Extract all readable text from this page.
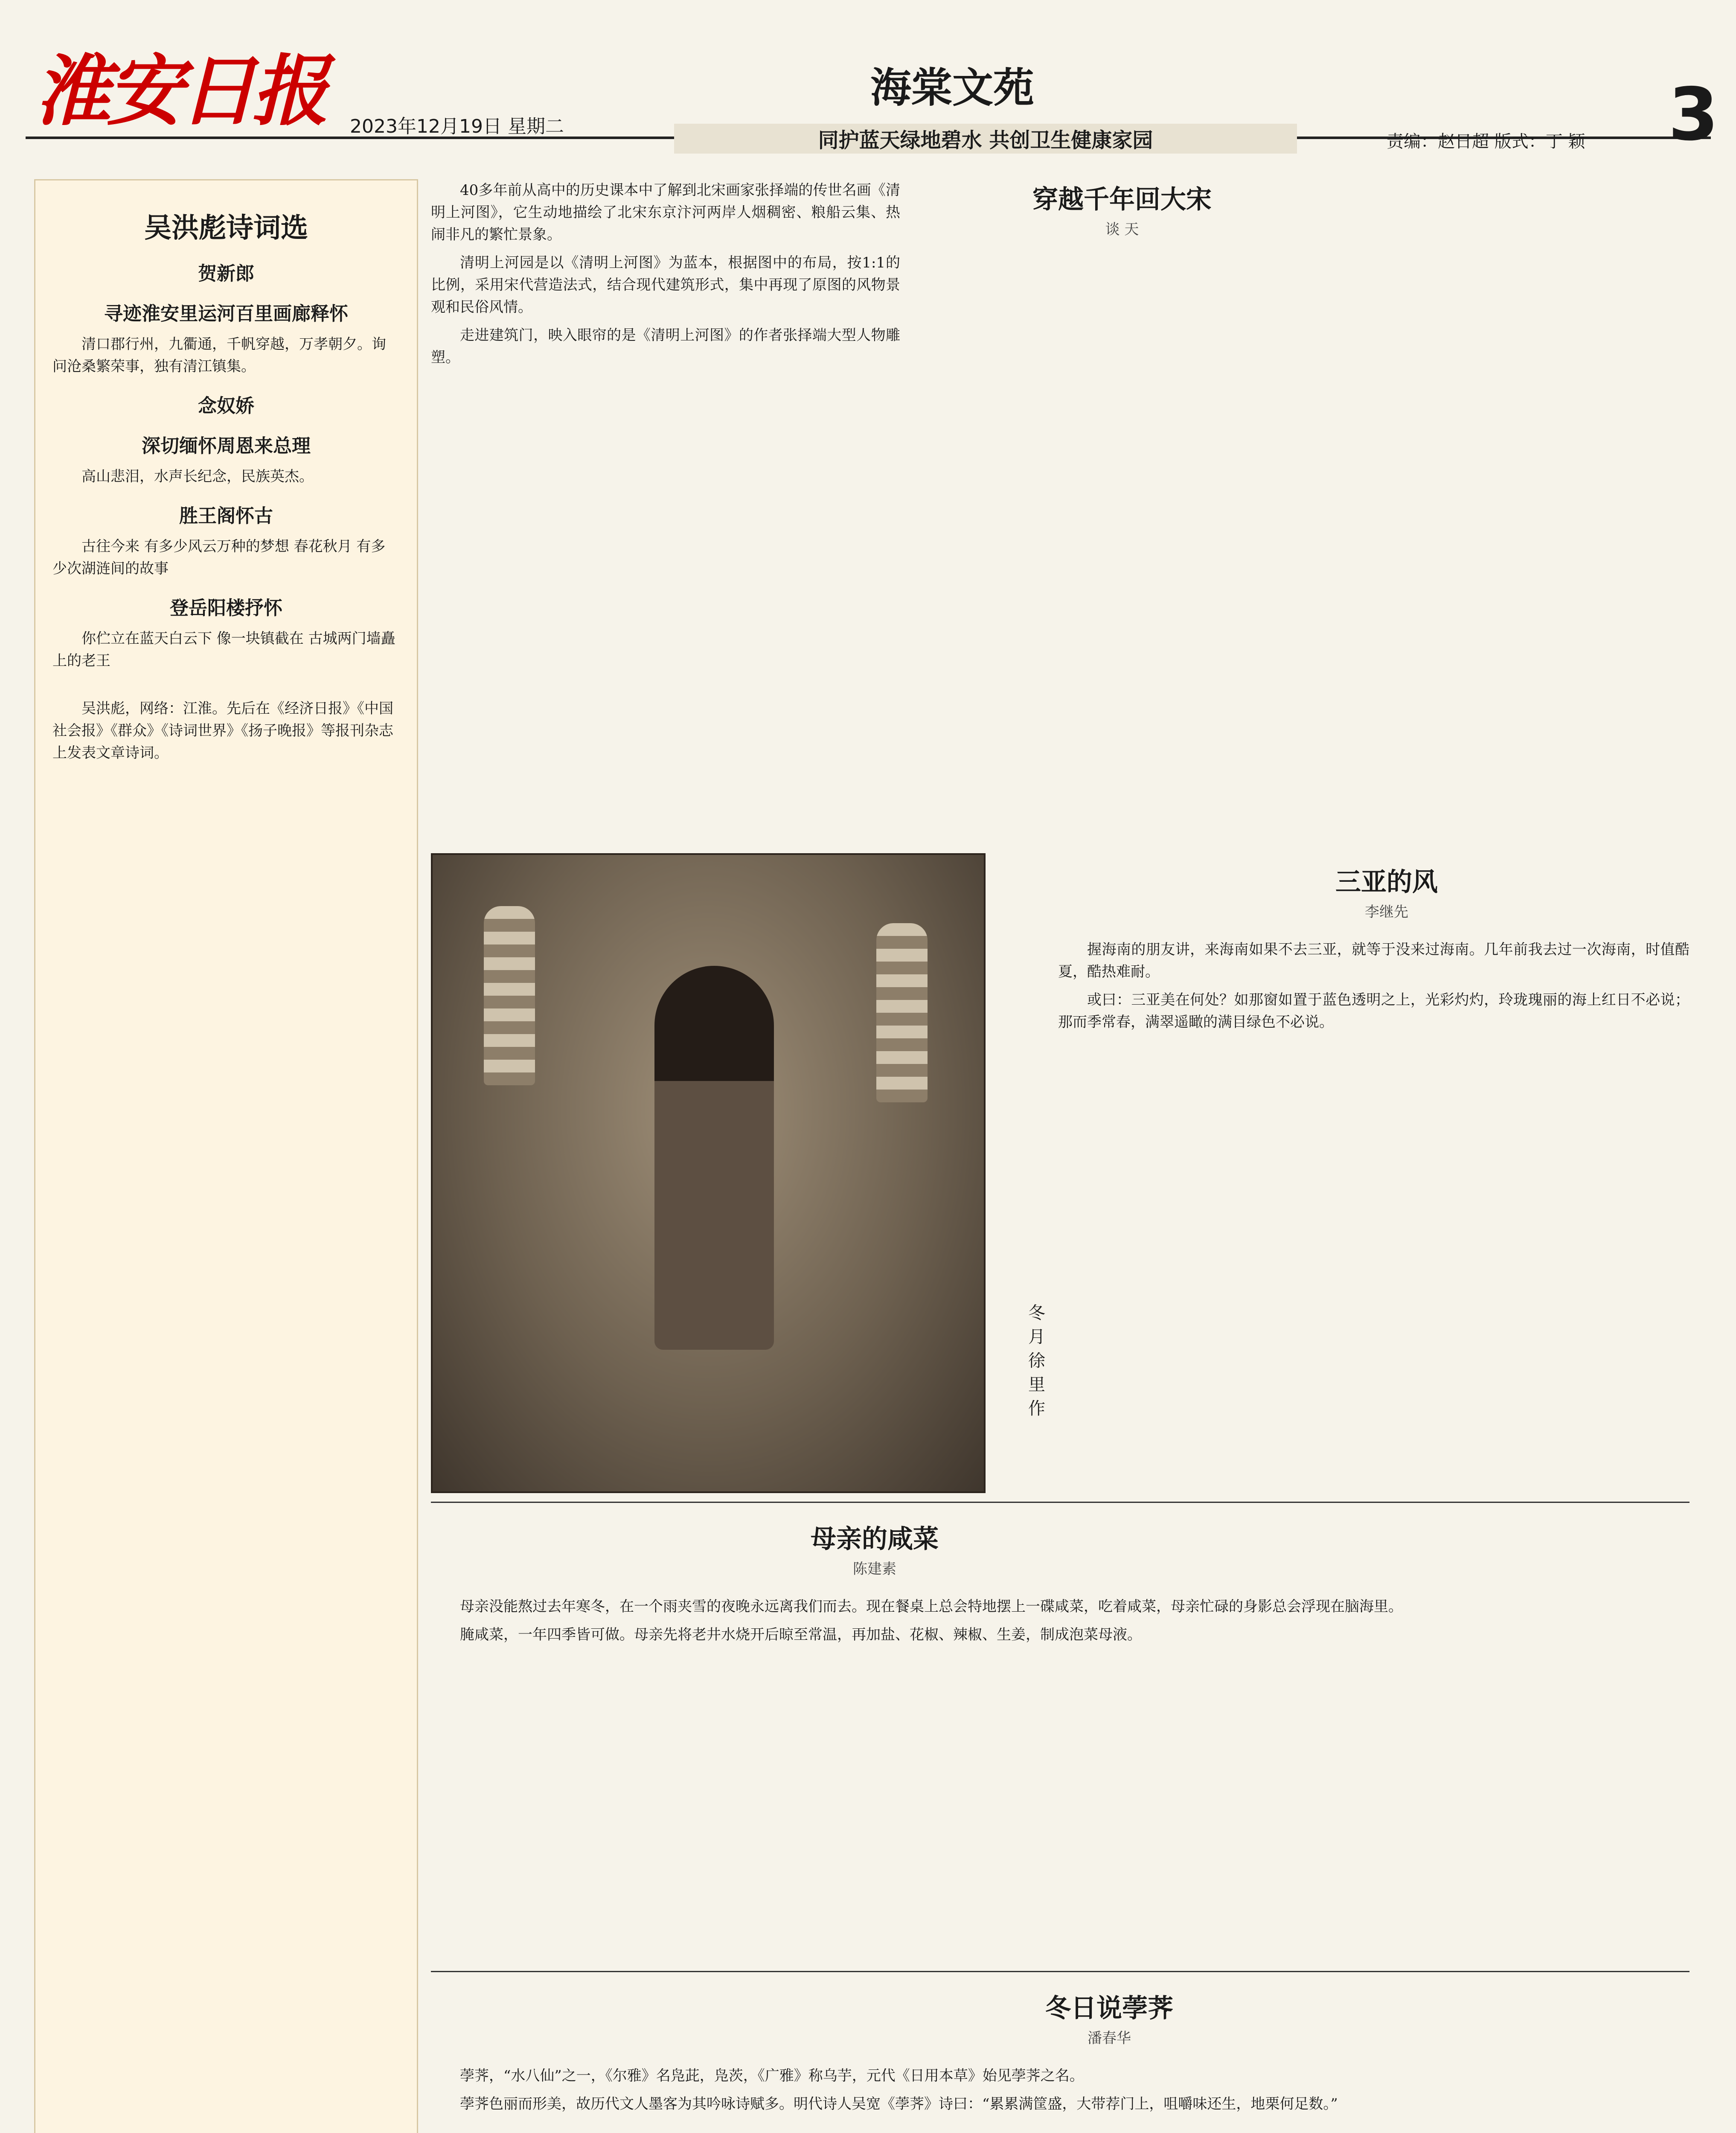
淮安日报 2023年12月19日 星期二
海棠文苑
同护蓝天绿地碧水 共创卫生健康家园	责编：赵日超 版式：丁 颖 3
吴洪彪诗词选
贺新郎
寻迹淮安里运河百里画廊释怀

清口郡行州，九衢通，千帆穿越，万孝朝夕。询问沧桑繁荣事，独有清江镇集。

念奴娇
深切缅怀周恩来总理

高山悲泪，水声长纪念，民族英杰。

胜王阁怀古

古往今来 有多少风云万种的梦想 春花秋月 有多少次湖涟间的故事

登岳阳楼抒怀

你伫立在蓝天白云下 像一块镇截在 古城两门墙矗上的老王

吴洪彪，网络：江淮。先后在《经济日报》《中国社会报》《群众》《诗词世界》《扬子晚报》等报刊杂志上发表文章诗词。

穿越千年回大宋
谈 天

40多年前从高中的历史课本中了解到北宋画家张择端的传世名画《清明上河图》，它生动地描绘了北宋东京汴河两岸人烟稠密、粮船云集、热闹非凡的繁忙景象。

清明上河园是以《清明上河图》为蓝本，根据图中的布局，按1:1的比例，采用宋代营造法式，结合现代建筑形式，集中再现了原图的风物景观和民俗风情。

走进建筑门，映入眼帘的是《清明上河图》的作者张择端大型人物雕塑。

冬月 徐里 作
三亚的风
李继先

握海南的朋友讲，来海南如果不去三亚，就等于没来过海南。几年前我去过一次海南，时值酷夏，酷热难耐。

或曰：三亚美在何处？如那窗如置于蓝色透明之上，光彩灼灼，玲珑瑰丽的海上红日不必说；那而季常春，满翠遥瞰的满目绿色不必说。

母亲的咸菜
陈建素

母亲没能熬过去年寒冬，在一个雨夹雪的夜晚永远离我们而去。现在餐桌上总会特地摆上一碟咸菜，吃着咸菜，母亲忙碌的身影总会浮现在脑海里。

腌咸菜，一年四季皆可做。母亲先将老井水烧开后晾至常温，再加盐、花椒、辣椒、生姜，制成泡菜母液。

冬日说荸荠
潘春华

荸荠，“水八仙”之一，《尔雅》名凫茈，凫茨，《广雅》称乌芋，元代《日用本草》始见荸荠之名。

荸荠色丽而形美，故历代文人墨客为其吟咏诗赋多。明代诗人吴宽《荸荠》诗曰：“累累满筐盛，大带荐门上，咀嚼味还生，地栗何足数。”
